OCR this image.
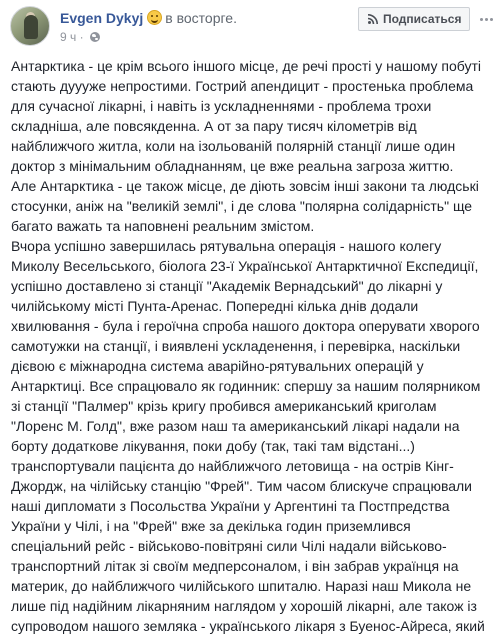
Evgen Dykyj в восторге.
9 ч ·
Подписаться

Антарктика - це крім всього іншого місце, де речі прості у нашому побуті
стають дуууже непростими. Гострий апендицит - простенька проблема
для сучасної лікарні, і навіть із ускладненнями - проблема трохи
складніша, але повсякденна. А от за пару тисяч кілометрів від
найближчого житла, коли на ізольованій полярній станції лише один
доктор з мінімальним обладнанням, це вже реальна загроза життю.
Але Антарктика - це також місце, де діють зовсім інші закони та людські
стосунки, аніж на "великій землі", і де слова "полярна солідарність" ще
багато важать та наповнені реальним змістом.
Вчора успішно завершилась рятувальна операція - нашого колегу
Миколу Весельського, біолога 23-ї Української Антарктичної Експедиції,
успішно доставлено зі станції "Академік Вернадський" до лікарні у
чилійському місті Пунта-Аренас. Попередні кілька днів додали
хвилювання - була і героїчна спроба нашого доктора оперувати хворого
самотужки на станції, і виявлені ускладенення, і перевірка, наскільки
дієвою є міжнародна система аварійно-рятувальних операцій у
Антарктиці. Все спрацювало як годинник: спершу за нашим полярником
зі станції "Палмер" крізь кригу пробився американський криголам
"Лоренс М. Голд", вже разом наш та американський лікарі надали на
борту додаткове лікування, поки добу (так, такі там відстані...)
транспортували пацієнта до найближчого летовища - на острів Кінг-
Джордж, на чілійську станцію "Фрей". Тим часом блискуче спрацювали
наші дипломати з Посольства України у Аргентині та Постпредства
України у Чілі, і на "Фрей" вже за декілька годин приземлився
спеціальний рейс - військово-повітряні сили Чілі надали військово-
транспортний літак зі своїм медперсоналом, і він забрав українця на
материк, до найближчого чилійського шпиталю. Наразі наш Микола не
лише під надійним лікарняним наглядом у хорошій лікарні, але також із
супроводом нашого земляка - українського лікаря з Буенос-Айреса, який
